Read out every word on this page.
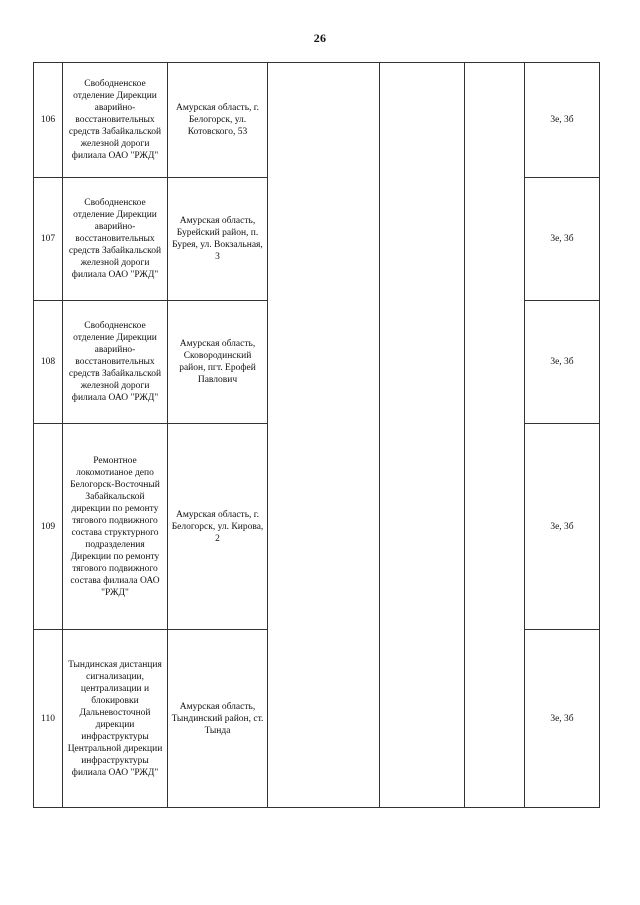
26
106	Свободненское отделение Дирекции аварийно-восстановительных средств Забайкальской железной дороги филиала ОАО "РЖД"	Амурская область, г. Белогорск, ул. Котовского, 53				3е, 3б
107	Свободненское отделение Дирекции аварийно-восстановительных средств Забайкальской железной дороги филиала ОАО "РЖД"	Амурская область, Бурейский район, п. Бурея, ул. Вокзальная, 3				3е, 3б
108	Свободненское отделение Дирекции аварийно-восстановительных средств Забайкальской железной дороги филиала ОАО "РЖД"	Амурская область, Сковородинский район, пгт. Ерофей Павлович				3е, 3б
109	Ремонтное локомотианое депо Белогорск-Восточный Забайкальской дирекции по ремонту тягового подвижного состава структурного подразделения Дирекции по ремонту тягового подвижного состава филиала ОАО "РЖД"	Амурская область, г. Белогорск, ул. Кирова, 2				3е, 3б
110	Тындинская дистанция сигнализации, централизации и блокировки Дальневосточной дирекции инфраструктуры Центральной дирекции инфраструктуры филиала ОАО "РЖД"	Амурская область, Тындинский район, ст. Тында				3е, 3б
